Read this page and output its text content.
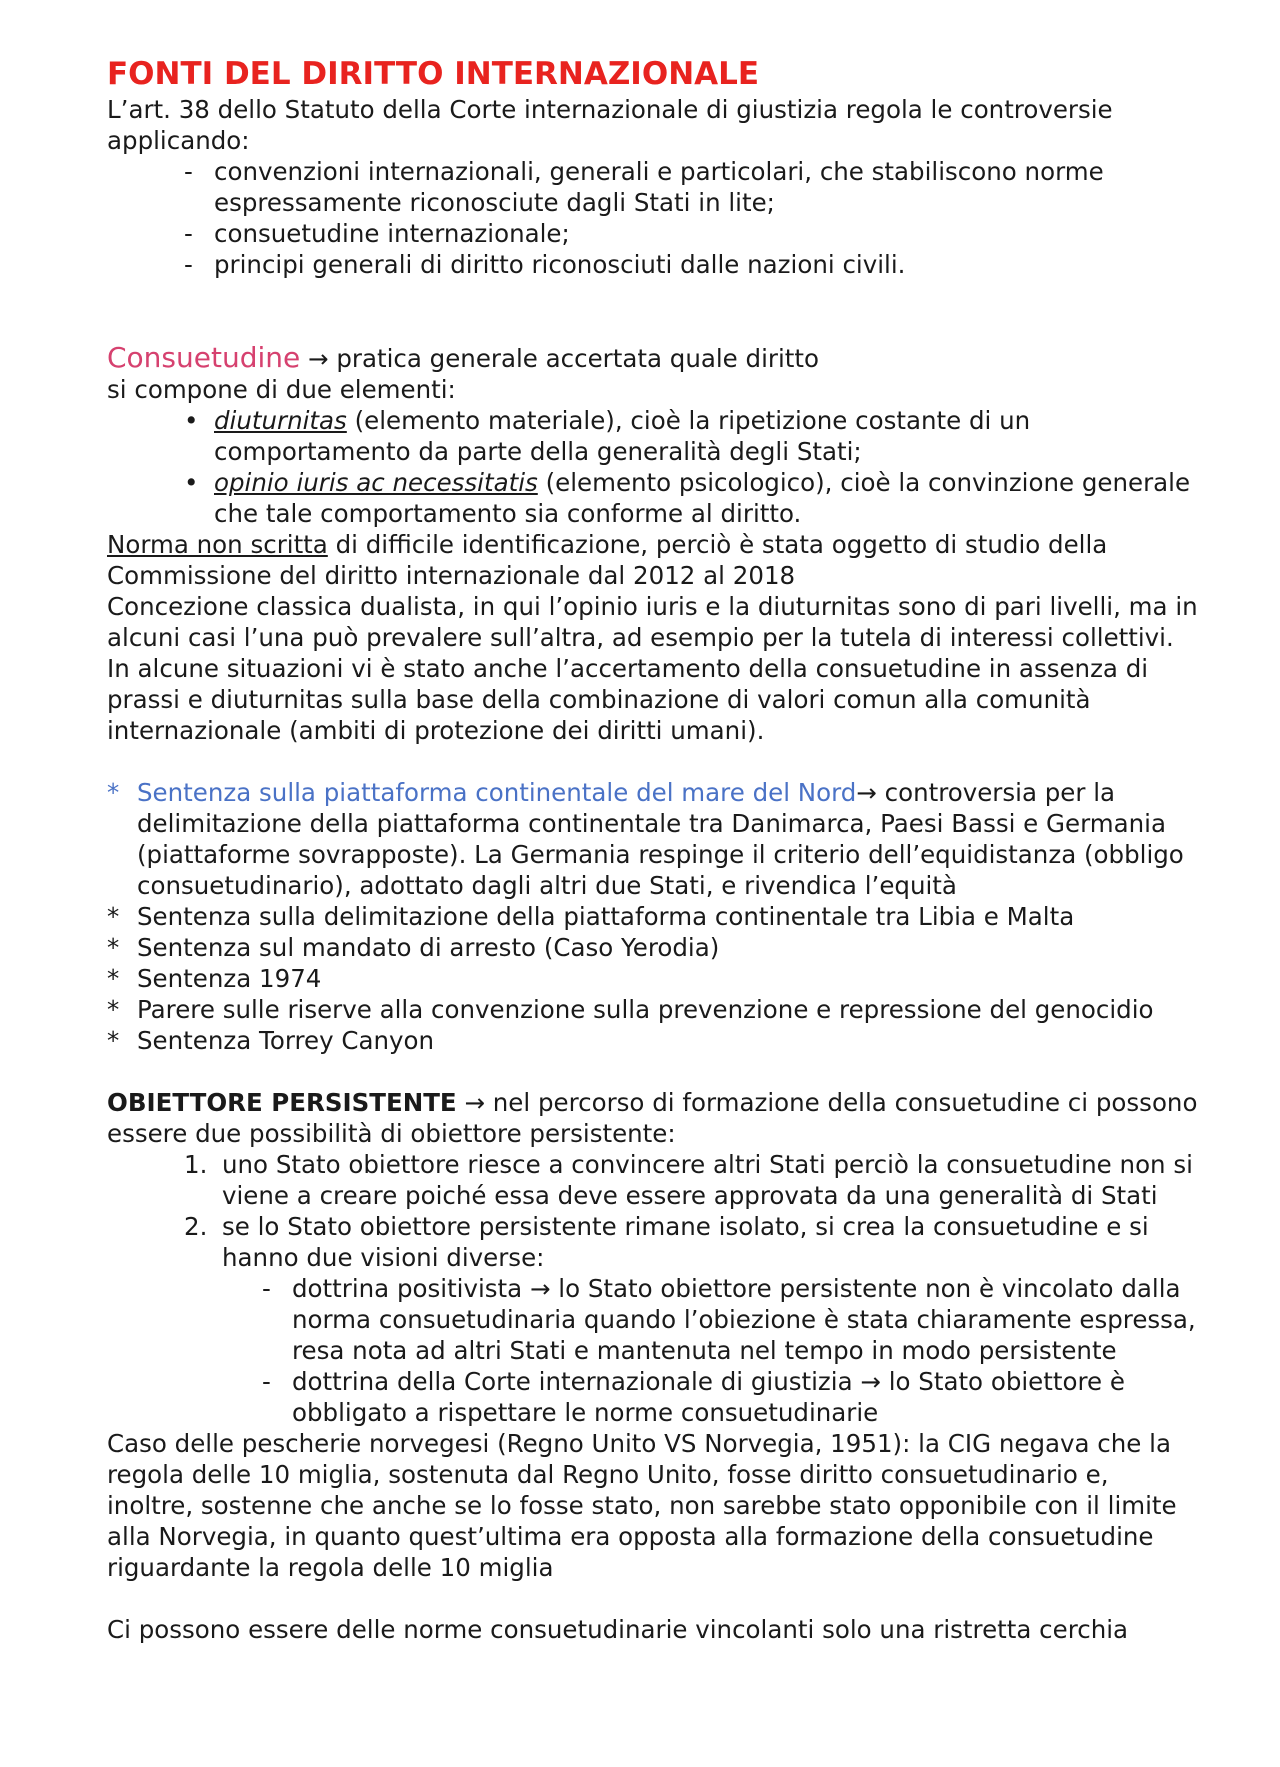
FONTI DEL DIRITTO INTERNAZIONALE

L’art. 38 dello Statuto della Corte internazionale di giustizia regola le controversie applicando:

- convenzioni internazionali, generali e particolari, che stabiliscono norme espressamente riconosciute dagli Stati in lite;
- consuetudine internazionale;
- principi generali di diritto riconosciuti dalle nazioni civili.

Consuetudine → pratica generale accertata quale diritto

si compone di due elementi:

• diuturnitas (elemento materiale), cioè la ripetizione costante di un comportamento da parte della generalità degli Stati;
• opinio iuris ac necessitatis (elemento psicologico), cioè la convinzione generale che tale comportamento sia conforme al diritto.

Norma non scritta di difficile identificazione, perciò è stata oggetto di studio della Commissione del diritto internazionale dal 2012 al 2018

Concezione classica dualista, in qui l’opinio iuris e la diuturnitas sono di pari livelli, ma in alcuni casi l’una può prevalere sull’altra, ad esempio per la tutela di interessi collettivi. In alcune situazioni vi è stato anche l’accertamento della consuetudine in assenza di prassi e diuturnitas sulla base della combinazione di valori comun alla comunità internazionale (ambiti di protezione dei diritti umani).

* Sentenza sulla piattaforma continentale del mare del Nord→ controversia per la delimitazione della piattaforma continentale tra Danimarca, Paesi Bassi e Germania (piattaforme sovrapposte). La Germania respinge il criterio dell’equidistanza (obbligo consuetudinario), adottato dagli altri due Stati, e rivendica l’equità
* Sentenza sulla delimitazione della piattaforma continentale tra Libia e Malta
* Sentenza sul mandato di arresto (Caso Yerodia)
* Sentenza 1974
* Parere sulle riserve alla convenzione sulla prevenzione e repressione del genocidio
* Sentenza Torrey Canyon

OBIETTORE PERSISTENTE → nel percorso di formazione della consuetudine ci possono essere due possibilità di obiettore persistente:

1. uno Stato obiettore riesce a convincere altri Stati perciò la consuetudine non si viene a creare poiché essa deve essere approvata da una generalità di Stati
2. se lo Stato obiettore persistente rimane isolato, si crea la consuetudine e si hanno due visioni diverse:
- dottrina positivista → lo Stato obiettore persistente non è vincolato dalla norma consuetudinaria quando l’obiezione è stata chiaramente espressa, resa nota ad altri Stati e mantenuta nel tempo in modo persistente
- dottrina della Corte internazionale di giustizia → lo Stato obiettore è obbligato a rispettare le norme consuetudinarie

Caso delle pescherie norvegesi (Regno Unito VS Norvegia, 1951): la CIG negava che la regola delle 10 miglia, sostenuta dal Regno Unito, fosse diritto consuetudinario e, inoltre, sostenne che anche se lo fosse stato, non sarebbe stato opponibile con il limite alla Norvegia, in quanto quest’ultima era opposta alla formazione della consuetudine riguardante la regola delle 10 miglia

Ci possono essere delle norme consuetudinarie vincolanti solo una ristretta cerchia
